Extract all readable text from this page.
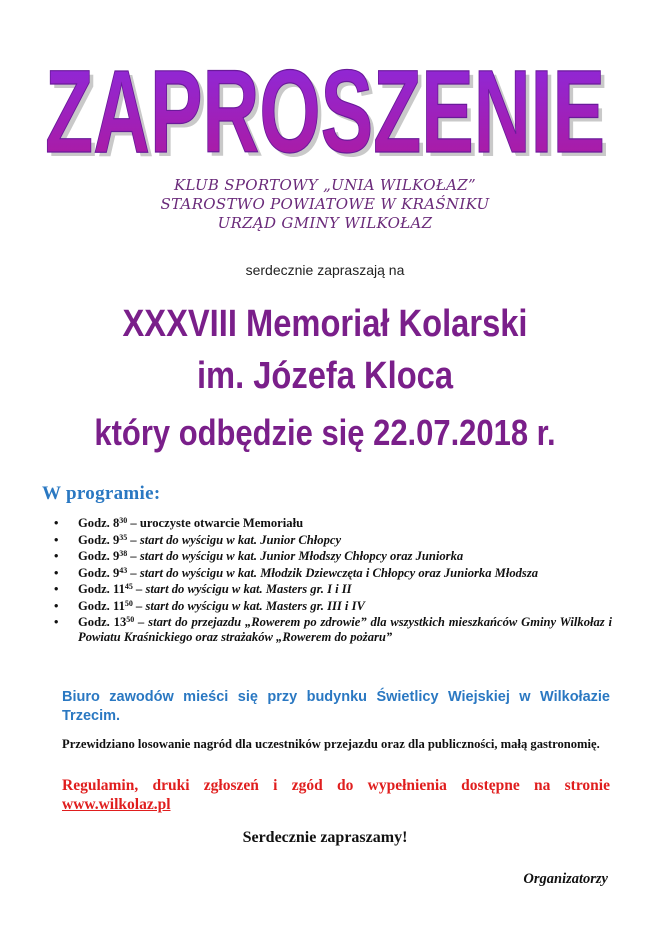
ZAPROSZENIE
ZAPROSZENIE
KLUB SPORTOWY „UNIA WILKOŁAZ”
STAROSTWO POWIATOWE W KRAŚNIKU
URZĄD GMINY WILKOŁAZ
serdecznie zapraszają na
XXXVIII Memoriał Kolarski
im. Józefa Kloca
który odbędzie się 22.07.2018 r.
W programie:
• Godz. $8^{30}$ – uroczyste otwarcie Memoriału
• Godz. $9^{35}$ – start do wyścigu w kat. Junior Chłopcy
• Godz. $9^{38}$ – start do wyścigu w kat. Junior Młodszy Chłopcy oraz Juniorka
• Godz. $9^{43}$ – start do wyścigu w kat. Młodzik Dziewczęta i Chłopcy oraz Juniorka Młodsza
• Godz. $11^{45}$ – start do wyścigu w kat. Masters gr. I i II
• Godz. $11^{50}$ – start do wyścigu w kat. Masters gr. III i IV
• Godz. $13^{50}$ – start do przejazdu „Rowerem po zdrowie” dla wszystkich mieszkańców Gminy Wilkołaz i Powiatu Kraśnickiego oraz strażaków „Rowerem do pożaru”
Biuro zawodów mieści się przy budynku Świetlicy Wiejskiej w Wilkołazie Trzecim.
Przewidziano losowanie nagród dla uczestników przejazdu oraz dla publiczności, małą gastronomię.
Regulamin, druki zgłoszeń i zgód do wypełnienia dostępne na stronie www.wilkolaz.pl
Serdecznie zapraszamy!
Organizatorzy
